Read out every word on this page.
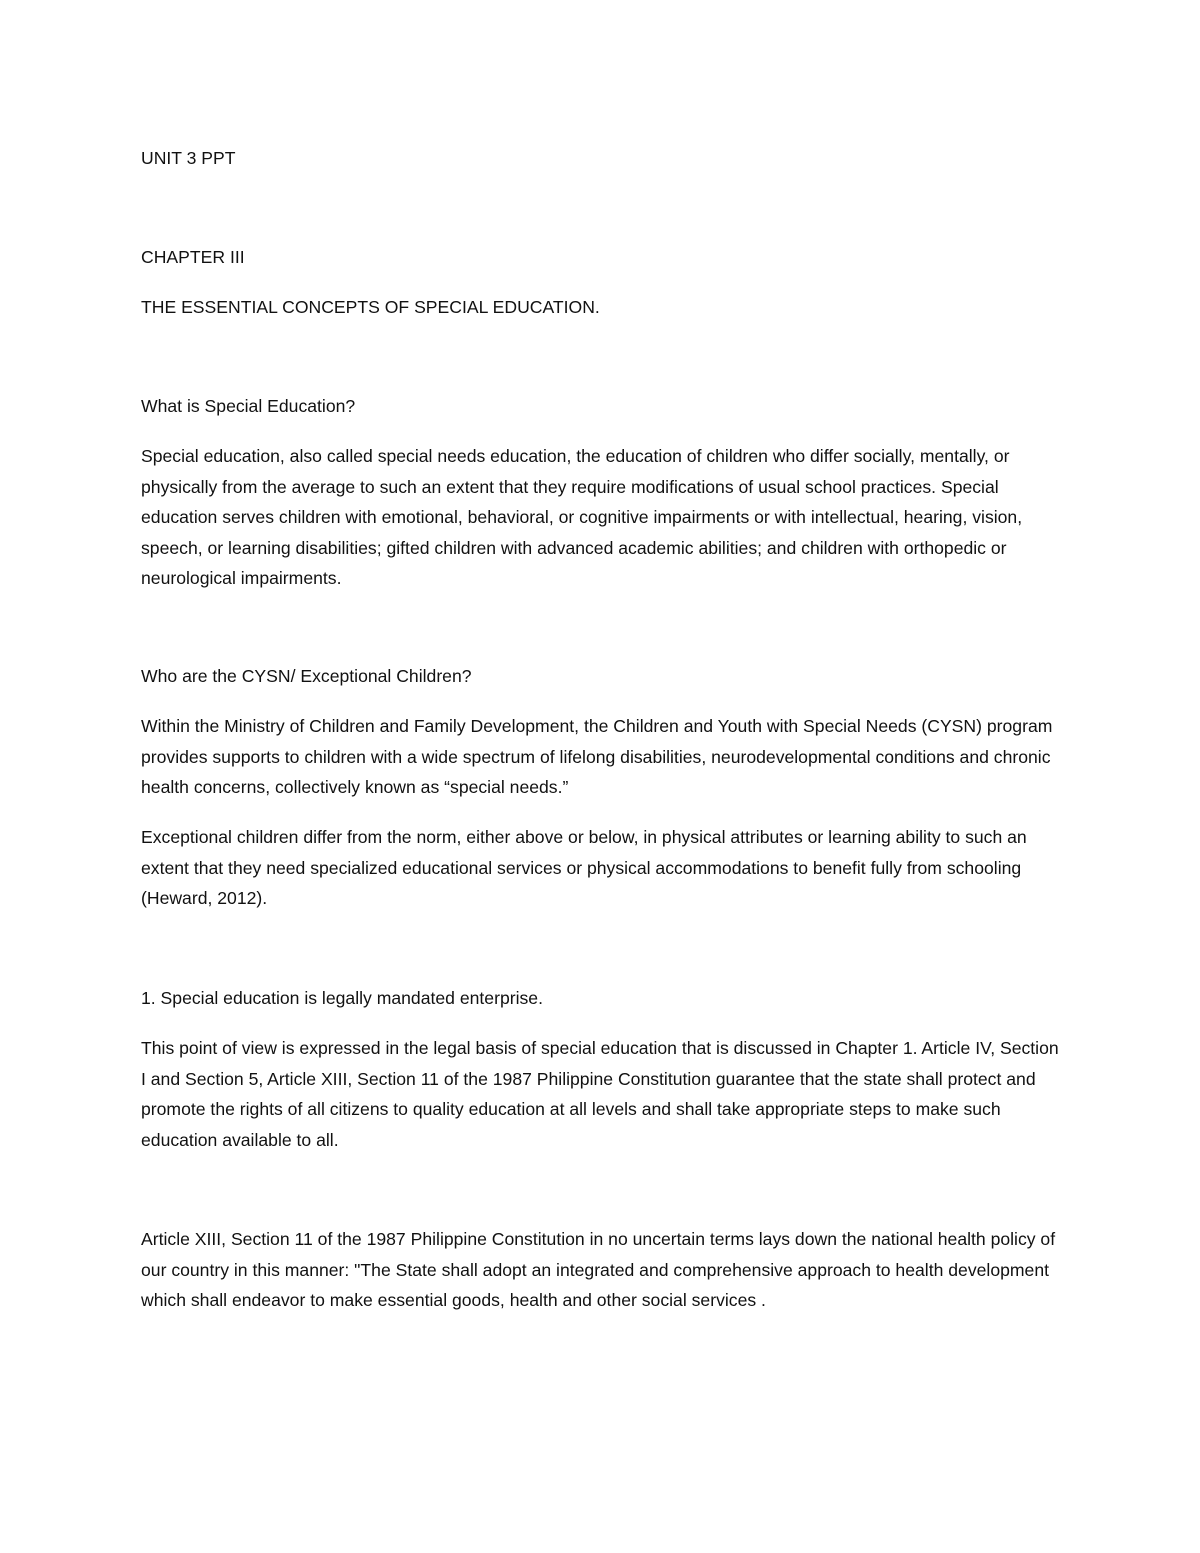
UNIT 3 PPT

CHAPTER III

THE ESSENTIAL CONCEPTS OF SPECIAL EDUCATION.

What is Special Education?

Special education, also called special needs education, the education of children who differ socially, mentally, or physically from the average to such an extent that they require modifications of usual school practices. Special education serves children with emotional, behavioral, or cognitive impairments or with intellectual, hearing, vision, speech, or learning disabilities; gifted children with advanced academic abilities; and children with orthopedic or neurological impairments.

Who are the CYSN/ Exceptional Children?

Within the Ministry of Children and Family Development, the Children and Youth with Special Needs (CYSN) program provides supports to children with a wide spectrum of lifelong disabilities, neurodevelopmental conditions and chronic health concerns, collectively known as “special needs.”

Exceptional children differ from the norm, either above or below, in physical attributes or learning ability to such an extent that they need specialized educational services or physical accommodations to benefit fully from schooling (Heward, 2012).

1. Special education is legally mandated enterprise.

This point of view is expressed in the legal basis of special education that is discussed in Chapter 1. Article IV, Section I and Section 5, Article XIII, Section 11 of the 1987 Philippine Constitution guarantee that the state shall protect and promote the rights of all citizens to quality education at all levels and shall take appropriate steps to make such education available to all.

Article XIII, Section 11 of the 1987 Philippine Constitution in no uncertain terms lays down the national health policy of our country in this manner: "The State shall adopt an integrated and comprehensive approach to health development which shall endeavor to make essential goods, health and other social services .
